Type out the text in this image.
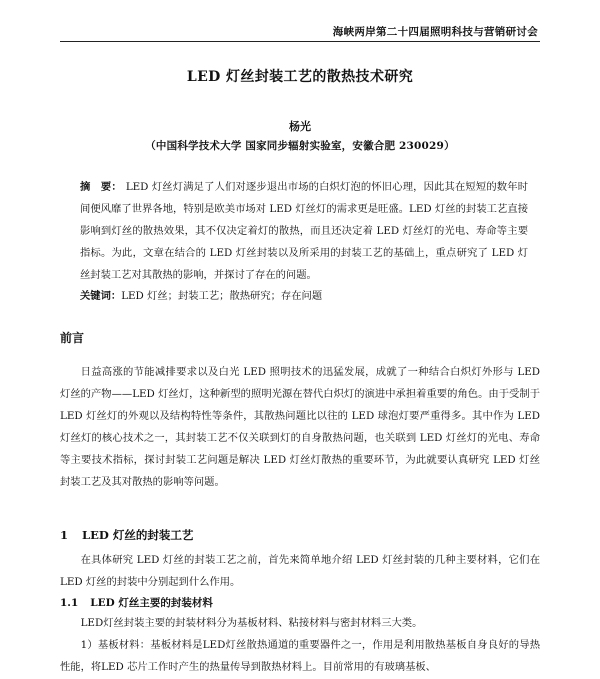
海峡两岸第二十四届照明科技与营销研讨会
LED 灯丝封装工艺的散热技术研究
杨光
（中国科学技术大学 国家同步辐射实验室，安徽合肥 230029）
摘　要： LED 灯丝灯满足了人们对逐步退出市场的白炽灯泡的怀旧心理，因此其在短短的数年时间便风靡了世界各地，特别是欧美市场对 LED 灯丝灯的需求更是旺盛。LED 灯丝的封装工艺直接影响到灯丝的散热效果，其不仅决定着灯的散热，而且还决定着 LED 灯丝灯的光电、寿命等主要指标。为此，文章在结合的 LED 灯丝封装以及所采用的封装工艺的基础上，重点研究了 LED 灯丝封装工艺对其散热的影响，并探讨了存在的问题。
关键词：LED 灯丝；封装工艺；散热研究；存在问题
前言
日益高涨的节能减排要求以及白光 LED 照明技术的迅猛发展，成就了一种结合白炽灯外形与 LED 灯丝的产物——LED 灯丝灯，这种新型的照明光源在替代白炽灯的演进中承担着重要的角色。由于受制于 LED 灯丝灯的外观以及结构特性等条件，其散热问题比以往的 LED 球泡灯要严重得多。其中作为 LED 灯丝灯的核心技术之一，其封装工艺不仅关联到灯的自身散热问题，也关联到 LED 灯丝灯的光电、寿命等主要技术指标，探讨封装工艺问题是解决 LED 灯丝灯散热的重要环节，为此就要认真研究 LED 灯丝封装工艺及其对散热的影响等问题。
1 LED 灯丝的封装工艺
在具体研究 LED 灯丝的封装工艺之前，首先来简单地介绍 LED 灯丝封装的几种主要材料，它们在 LED 灯丝的封装中分别起到什么作用。
1.1 LED 灯丝主要的封装材料
LED灯丝封装主要的封装材料分为基板材料、粘接材料与密封材料三大类。
1）基板材料：基板材料是LED灯丝散热通道的重要器件之一，作用是利用散热基板自身良好的导热性能，将LED 芯片工作时产生的热量传导到散热材料上。目前常用的有玻璃基板、
